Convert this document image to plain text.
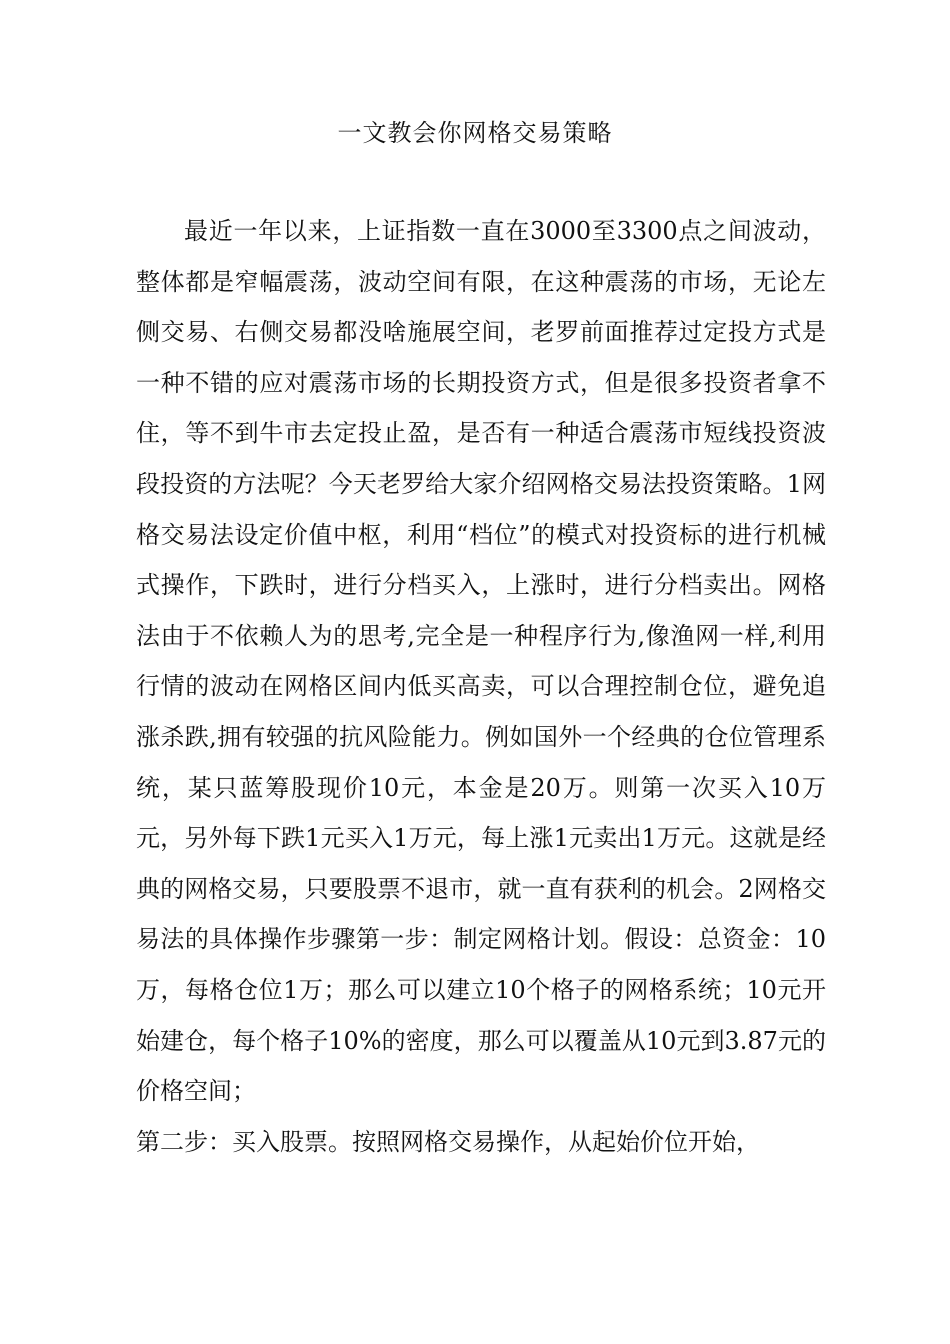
一文教会你网格交易策略

最近一年以来，上证指数一直在3000至3300点之间波动，整体都是窄幅震荡，波动空间有限，在这种震荡的市场，无论左侧交易、右侧交易都没啥施展空间，老罗前面推荐过定投方式是一种不错的应对震荡市场的长期投资方式，但是很多投资者拿不住，等不到牛市去定投止盈，是否有一种适合震荡市短线投资波段投资的方法呢？今天老罗给大家介绍网格交易法投资策略。1网格交易法设定价值中枢，利用“档位”的模式对投资标的进行机械式操作，下跌时，进行分档买入，上涨时，进行分档卖出。网格法由于不依赖人为的思考,完全是一种程序行为,像渔网一样,利用行情的波动在网格区间内低买高卖，可以合理控制仓位，避免追涨杀跌,拥有较强的抗风险能力。例如国外一个经典的仓位管理系统，某只蓝筹股现价10元，本金是20万。则第一次买入10万元，另外每下跌1元买入1万元，每上涨1元卖出1万元。这就是经典的网格交易，只要股票不退市，就一直有获利的机会。2网格交易法的具体操作步骤第一步：制定网格计划。假设：总资金：10万，每格仓位1万；那么可以建立10个格子的网格系统；10元开始建仓，每个格子10%的密度，那么可以覆盖从10元到3.87元的价格空间；

第二步：买入股票。按照网格交易操作，从起始价位开始，
